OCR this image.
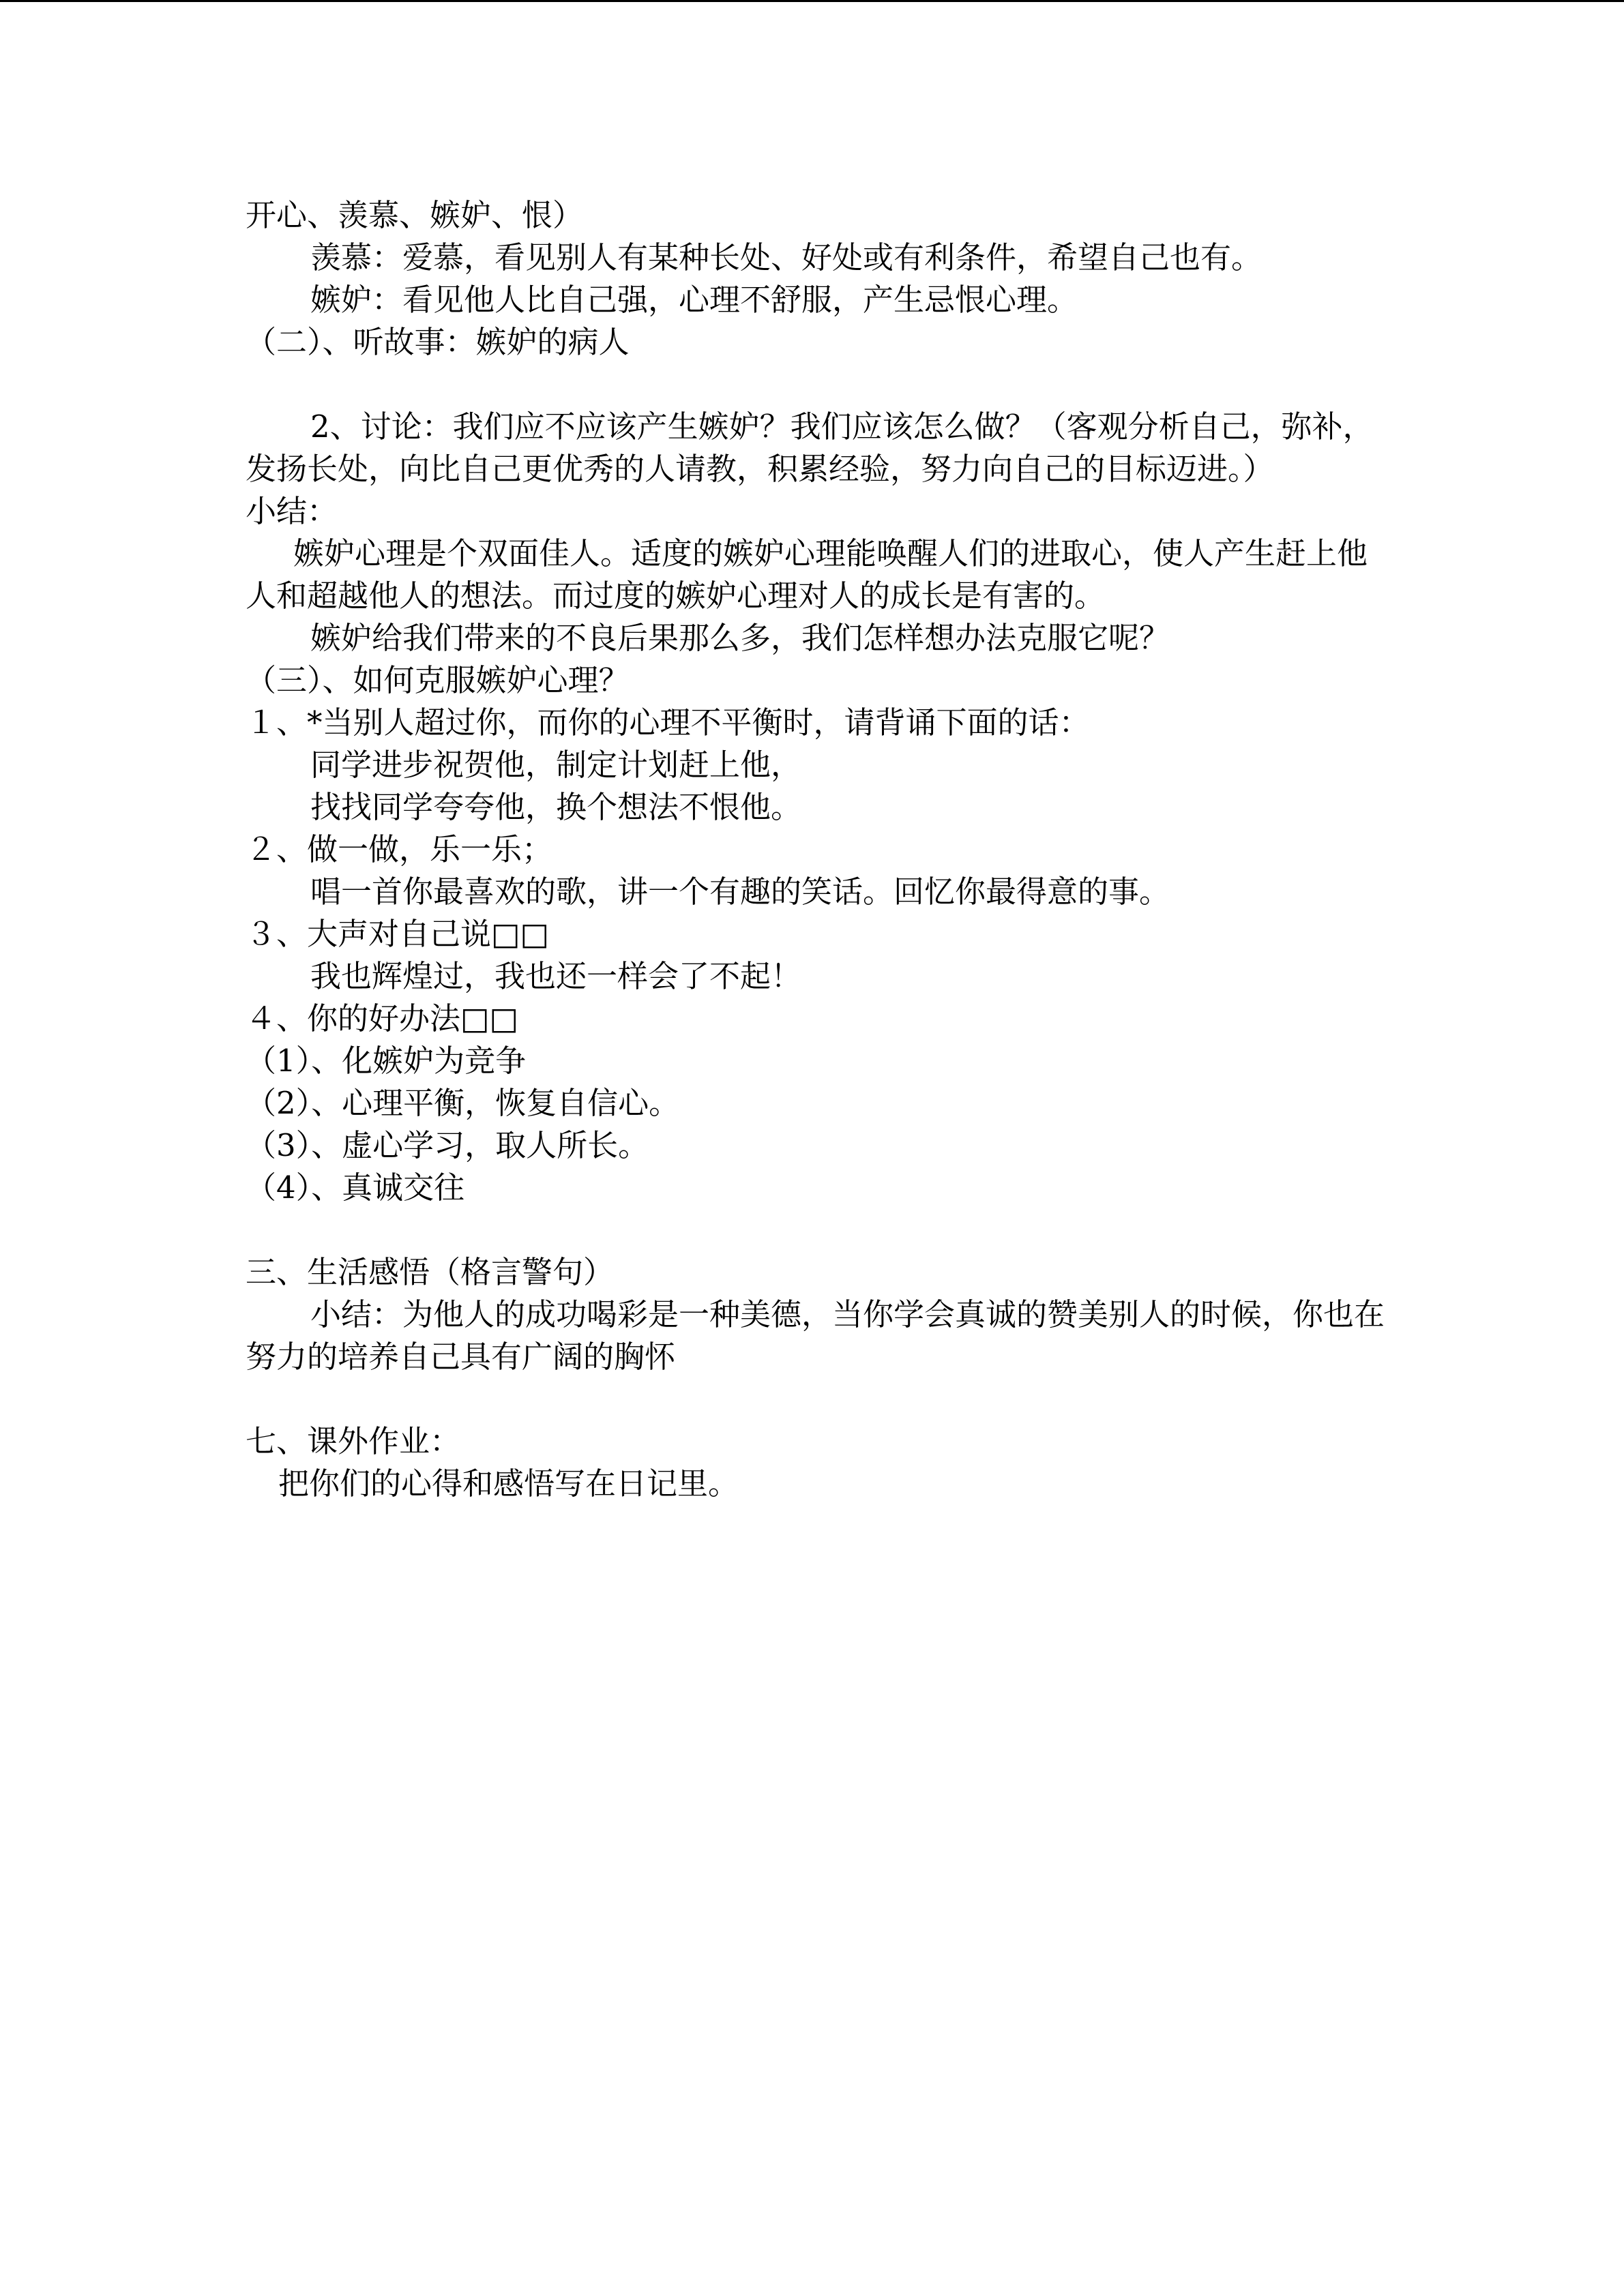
开心、羡慕、嫉妒、恨）

羡慕：爱慕，看见别人有某种长处、好处或有利条件，希望自己也有。

嫉妒：看见他人比自己强，心理不舒服，产生忌恨心理。

（二）、听故事：嫉妒的病人

2、讨论：我们应不应该产生嫉妒？我们应该怎么做？（客观分析自己，弥补，发扬长处，向比自己更优秀的人请教，积累经验，努力向自己的目标迈进。）

小结：

嫉妒心理是个双面佳人。适度的嫉妒心理能唤醒人们的进取心，使人产生赶上他人和超越他人的想法。而过度的嫉妒心理对人的成长是有害的。

嫉妒给我们带来的不良后果那么多，我们怎样想办法克服它呢？

（三）、如何克服嫉妒心理？

１、*当别人超过你，而你的心理不平衡时，请背诵下面的话：

同学进步祝贺他，制定计划赶上他，

找找同学夸夸他，换个想法不恨他。

２、做一做，乐一乐；

唱一首你最喜欢的歌，讲一个有趣的笑话。回忆你最得意的事。

３、大声对自己说□□

我也辉煌过，我也还一样会了不起！

４、你的好办法□□

（1）、化嫉妒为竞争

（2）、心理平衡，恢复自信心。

（3）、虚心学习，取人所长。

（4）、真诚交往

三、生活感悟（格言警句）

小结：为他人的成功喝彩是一种美德，当你学会真诚的赞美别人的时候，你也在努力的培养自己具有广阔的胸怀

七、课外作业：

把你们的心得和感悟写在日记里。
